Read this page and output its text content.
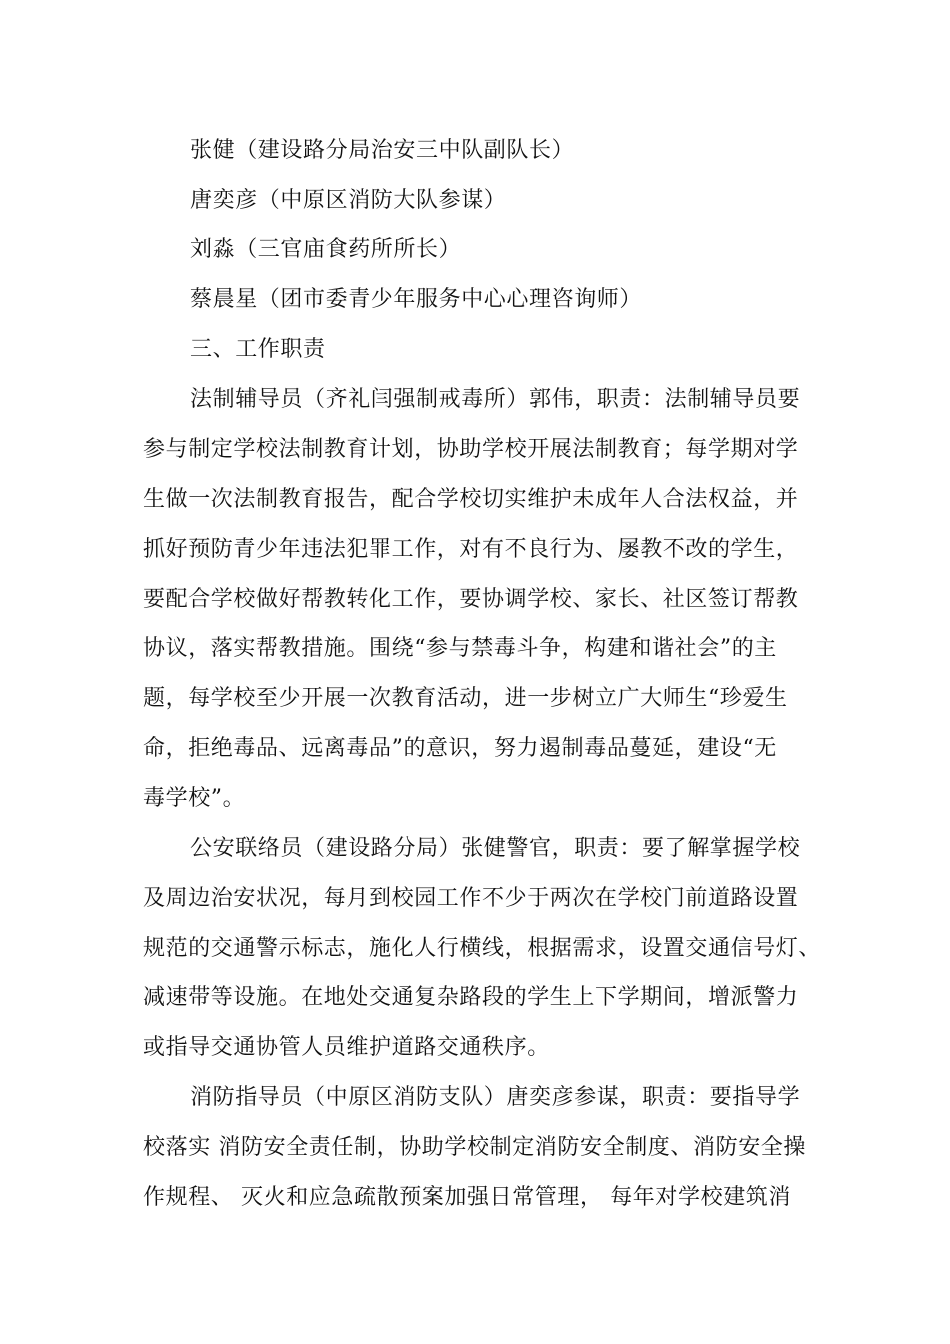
张健（建设路分局治安三中队副队长）
唐奕彦（中原区消防大队参谋）
刘淼（三官庙食药所所长）
蔡晨星（团市委青少年服务中心心理咨询师）
三、工作职责
法制辅导员（齐礼闫强制戒毒所）郭伟，职责：法制辅导员要
参与制定学校法制教育计划，协助学校开展法制教育；每学期对学
生做一次法制教育报告，配合学校切实维护未成年人合法权益，并
抓好预防青少年违法犯罪工作，对有不良行为、屡教不改的学生，
要配合学校做好帮教转化工作，要协调学校、家长、社区签订帮教
协议，落实帮教措施。围绕“参与禁毒斗争，构建和谐社会”的主
题，每学校至少开展一次教育活动，进一步树立广大师生“珍爱生
命，拒绝毒品、远离毒品”的意识，努力遏制毒品蔓延，建设“无
毒学校”。
公安联络员（建设路分局）张健警官，职责：要了解掌握学校
及周边治安状况，每月到校园工作不少于两次在学校门前道路设置
规范的交通警示标志，施化人行横线，根据需求，设置交通信号灯、
减速带等设施。在地处交通复杂路段的学生上下学期间，增派警力
或指导交通协管人员维护道路交通秩序。
消防指导员（中原区消防支队）唐奕彦参谋，职责：要指导学
校落实 消防安全责任制，协助学校制定消防安全制度、消防安全操
作规程、 灭火和应急疏散预案加强日常管理， 每年对学校建筑消
